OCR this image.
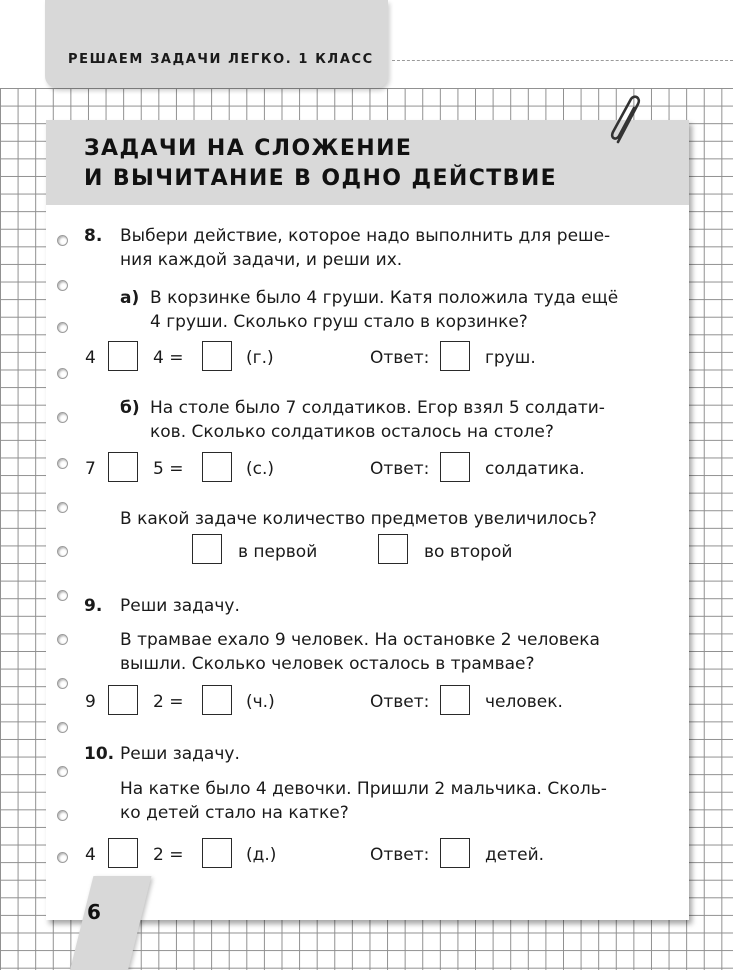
РЕШАЕМ ЗАДАЧИ ЛЕГКО. 1 КЛАСС
ЗАДАЧИ НА СЛОЖЕНИЕ
И ВЫЧИТАНИЕ В ОДНО ДЕЙСТВИЕ
8. Выбери действие, которое надо выполнить для реше-
ния каждой задачи, и реши их.
а) В корзинке было 4 груши. Катя положила туда ещё
4 груши. Сколько груш стало в корзинке?
4	4 =	(г.)	Ответ:	груш.
б) На столе было 7 солдатиков. Егор взял 5 солдати-
ков. Сколько солдатиков осталось на столе?
7	5 =	(с.)	Ответ:	солдатика.
В какой задаче количество предметов увеличилось?
в первой	во второй
9. Реши задачу.
В трамвае ехало 9 человек. На остановке 2 человека
вышли. Сколько человек осталось в трамвае?
9	2 =	(ч.)	Ответ:	человек.
10. Реши задачу.
На катке было 4 девочки. Пришли 2 мальчика. Сколь-
ко детей стало на катке?
4	2 =	(д.)	Ответ:	детей.
6
